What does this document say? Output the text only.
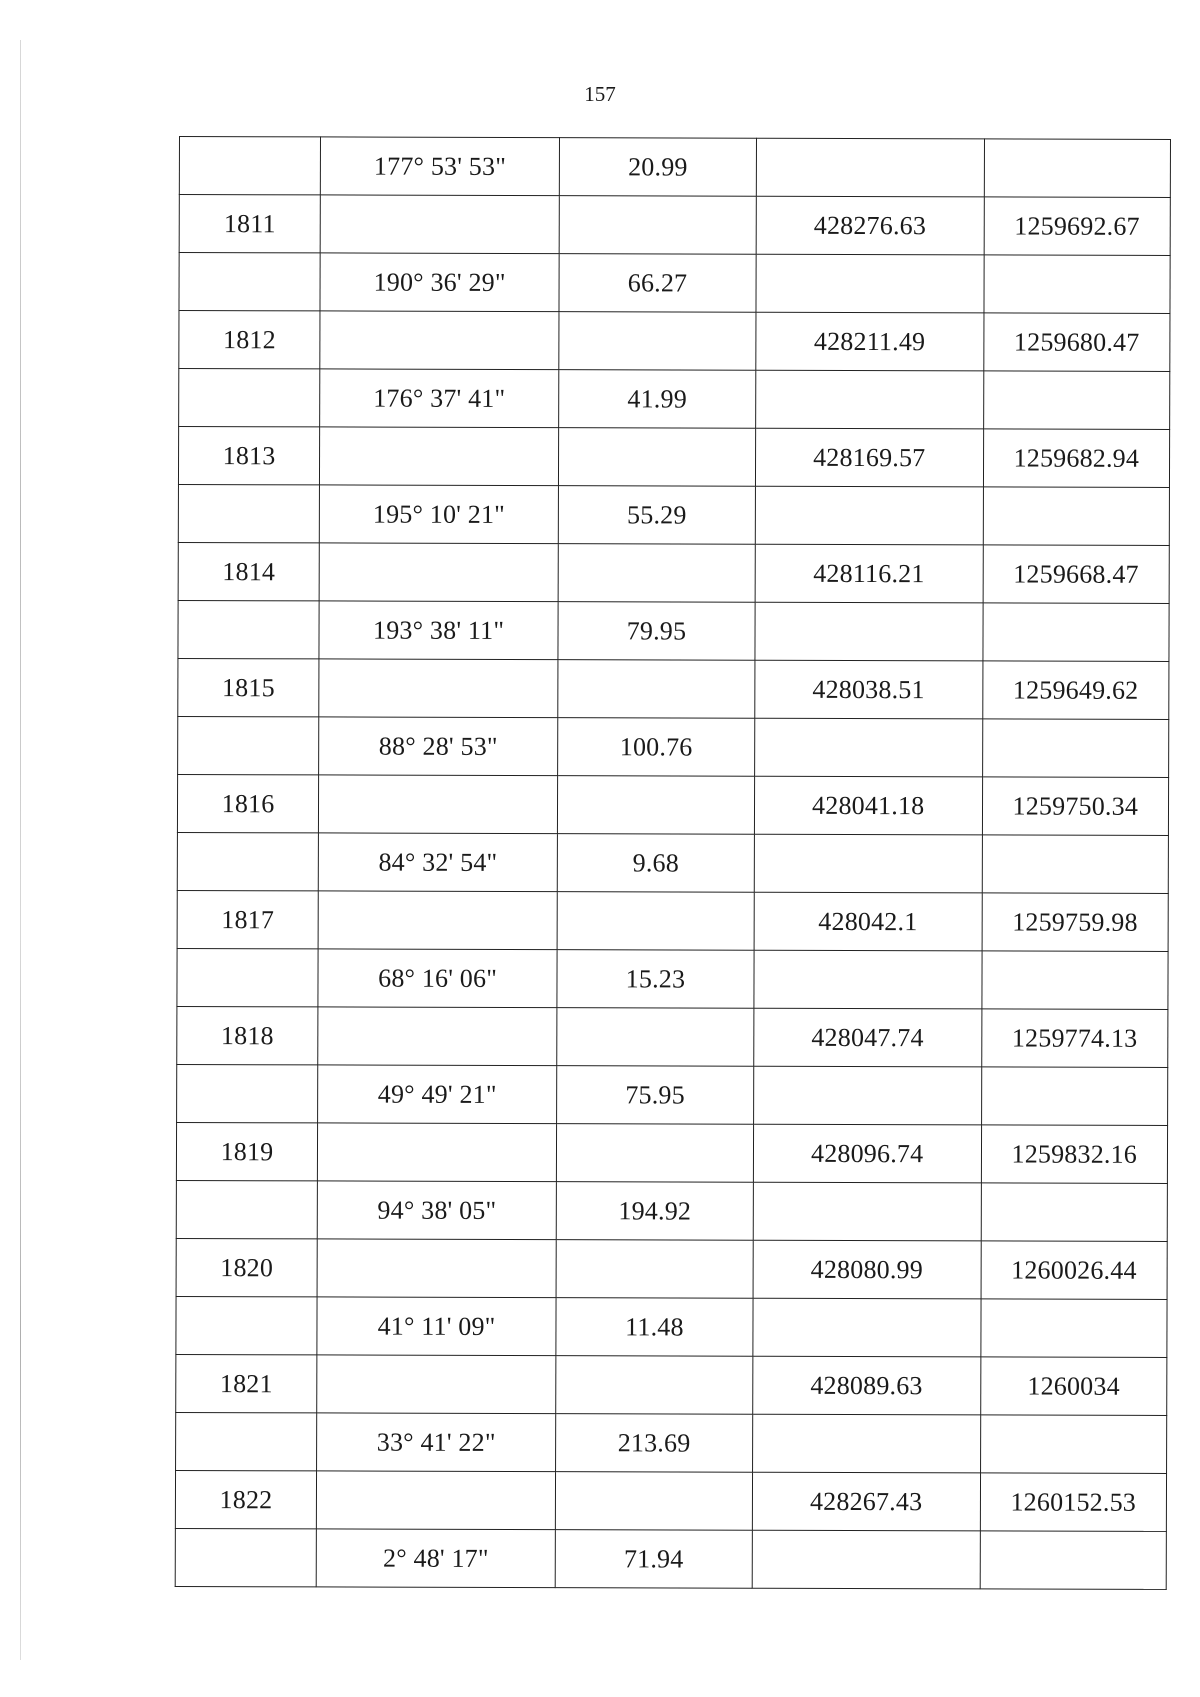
157
	177° 53' 53"	20.99		
1811			428276.63	1259692.67
	190° 36' 29"	66.27		
1812			428211.49	1259680.47
	176° 37' 41"	41.99		
1813			428169.57	1259682.94
	195° 10' 21"	55.29		
1814			428116.21	1259668.47
	193° 38' 11"	79.95		
1815			428038.51	1259649.62
	88° 28' 53"	100.76		
1816			428041.18	1259750.34
	84° 32' 54"	9.68		
1817			428042.1	1259759.98
	68° 16' 06"	15.23		
1818			428047.74	1259774.13
	49° 49' 21"	75.95		
1819			428096.74	1259832.16
	94° 38' 05"	194.92		
1820			428080.99	1260026.44
	41° 11' 09"	11.48		
1821			428089.63	1260034
	33° 41' 22"	213.69		
1822			428267.43	1260152.53
	2° 48' 17"	71.94		
